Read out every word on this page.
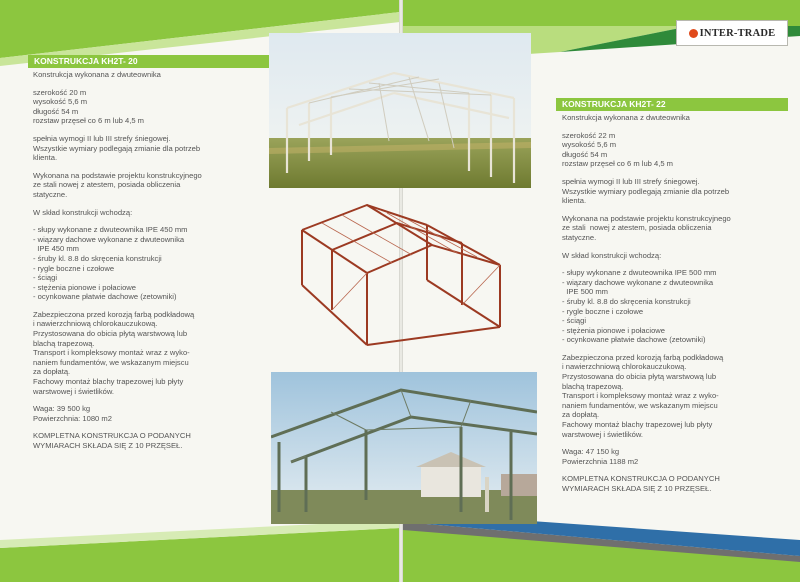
INTER-TRADE
KONSTRUKCJA KH2T- 20
KONSTRUKCJA KH2T- 22

Konstrukcja wykonana z dwuteownika

szerokość 20 m

wysokość 5,6 m

długość 54 m

rozstaw przęseł co 6 m lub 4,5 m

spełnia wymogi II lub III strefy śniegowej.

Wszystkie wymiary podlegają zmianie dla potrzeb

klienta.

Wykonana na podstawie projektu konstrukcyjnego

ze stali nowej z atestem, posiada obliczenia

statyczne.

W skład konstrukcji wchodzą:

- słupy wykonane z dwuteownika IPE 450 mm

- wiązary dachowe wykonane z dwuteownika

IPE 450 mm

- śruby kl. 8.8 do skręcenia konstrukcji

- rygle boczne i czołowe

- ściągi

- stężenia pionowe i połaciowe

- ocynkowane płatwie dachowe (zetowniki)

Zabezpieczona przed korozją farbą podkładową

i nawierzchniową chlorokauczukową.

Przystosowana do obicia płytą warstwową lub

blachą trapezową.

Transport i kompleksowy montaż wraz z wyko-

naniem fundamentów, we wskazanym miejscu

za dopłatą.

Fachowy montaż blachy trapezowej lub płyty

warstwowej i świetlików.

Waga: 39 500 kg

Powierzchnia: 1080 m2

KOMPLETNA KONSTRUKCJA O PODANYCH

WYMIARACH SKŁADA SIĘ Z 10 PRZĘSEŁ.

Konstrukcja wykonana z dwuteownika

szerokość 22 m

wysokość 5,6 m

długość 54 m

rozstaw przęseł co 6 m lub 4,5 m

spełnia wymogi II lub III strefy śniegowej.

Wszystkie wymiary podlegają zmianie dla potrzeb

klienta.

Wykonana na podstawie projektu konstrukcyjnego

ze stali  nowej z atestem, posiada obliczenia

statyczne.

W skład konstrukcji wchodzą:

- słupy wykonane z dwuteownika IPE 500 mm

- wiązary dachowe wykonane z dwuteownika

IPE 500 mm

- śruby kl. 8.8 do skręcenia konstrukcji

- rygle boczne i czołowe

- ściągi

- stężenia pionowe i połaciowe

- ocynkowane płatwie dachowe (zetowniki)

Zabezpieczona przed korozją farbą podkładową

i nawierzchniową chlorokauczukową.

Przystosowana do obicia płytą warstwową lub

blachą trapezową.

Transport i kompleksowy montaż wraz z wyko-

naniem fundamentów, we wskazanym miejscu

za dopłatą.

Fachowy montaż blachy trapezowej lub płyty

warstwowej i świetlików.

Waga: 47 150 kg

Powierzchnia 1188 m2

KOMPLETNA KONSTRUKCJA O PODANYCH

WYMIARACH SKŁADA SIĘ Z 10 PRZĘSEŁ.
